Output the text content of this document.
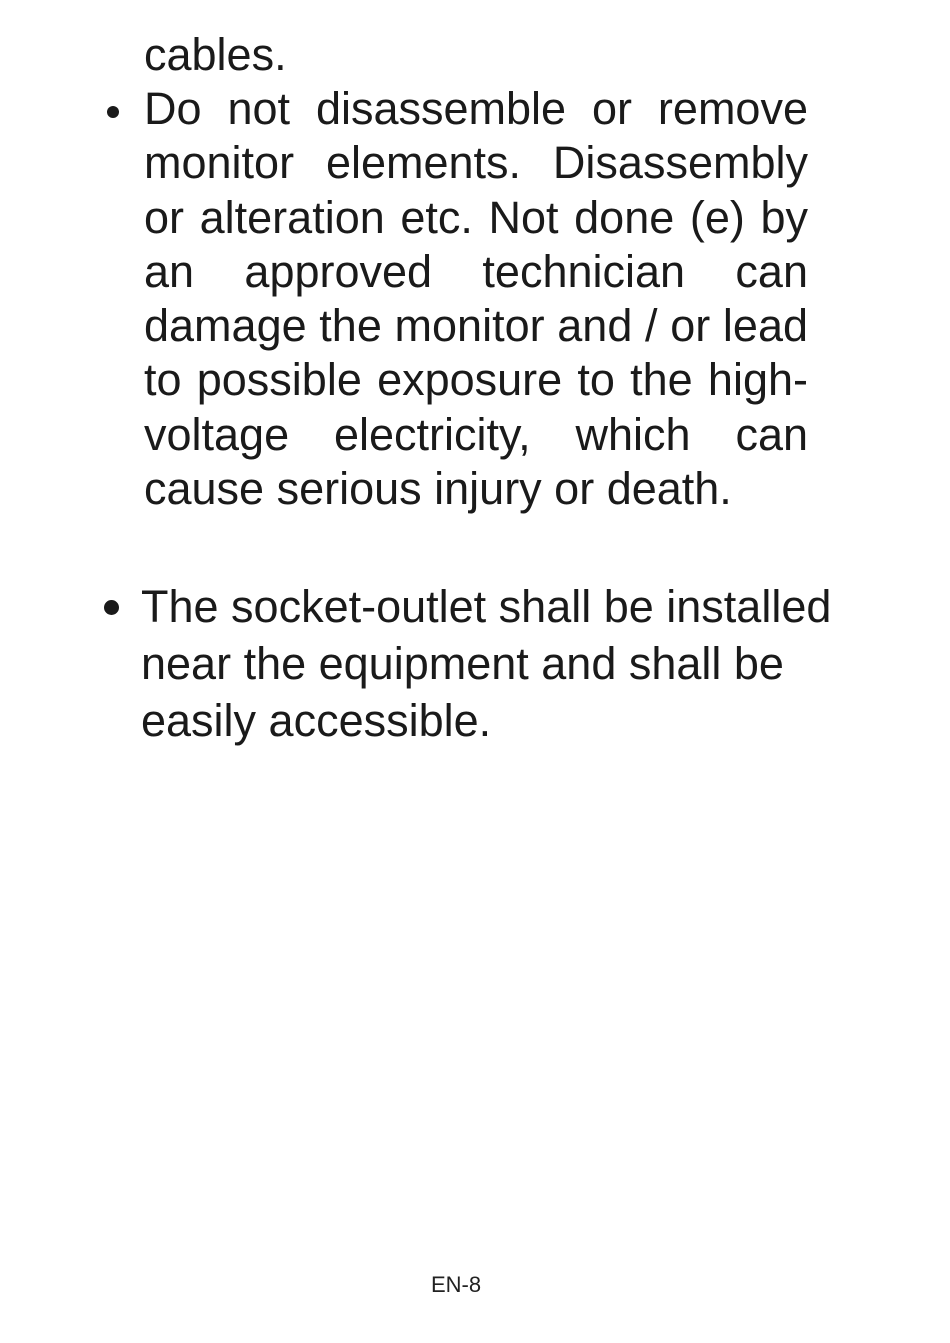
cables.

Do not disassemble or remove monitor elements. Disassembly or alteration etc. Not done (e) by an approved technician can damage the monitor and / or lead to possible exposure to the high-voltage electricity, which can cause serious injury or death.
The socket-outlet shall be installed near the equipment and shall be easily accessible.

EN-8
